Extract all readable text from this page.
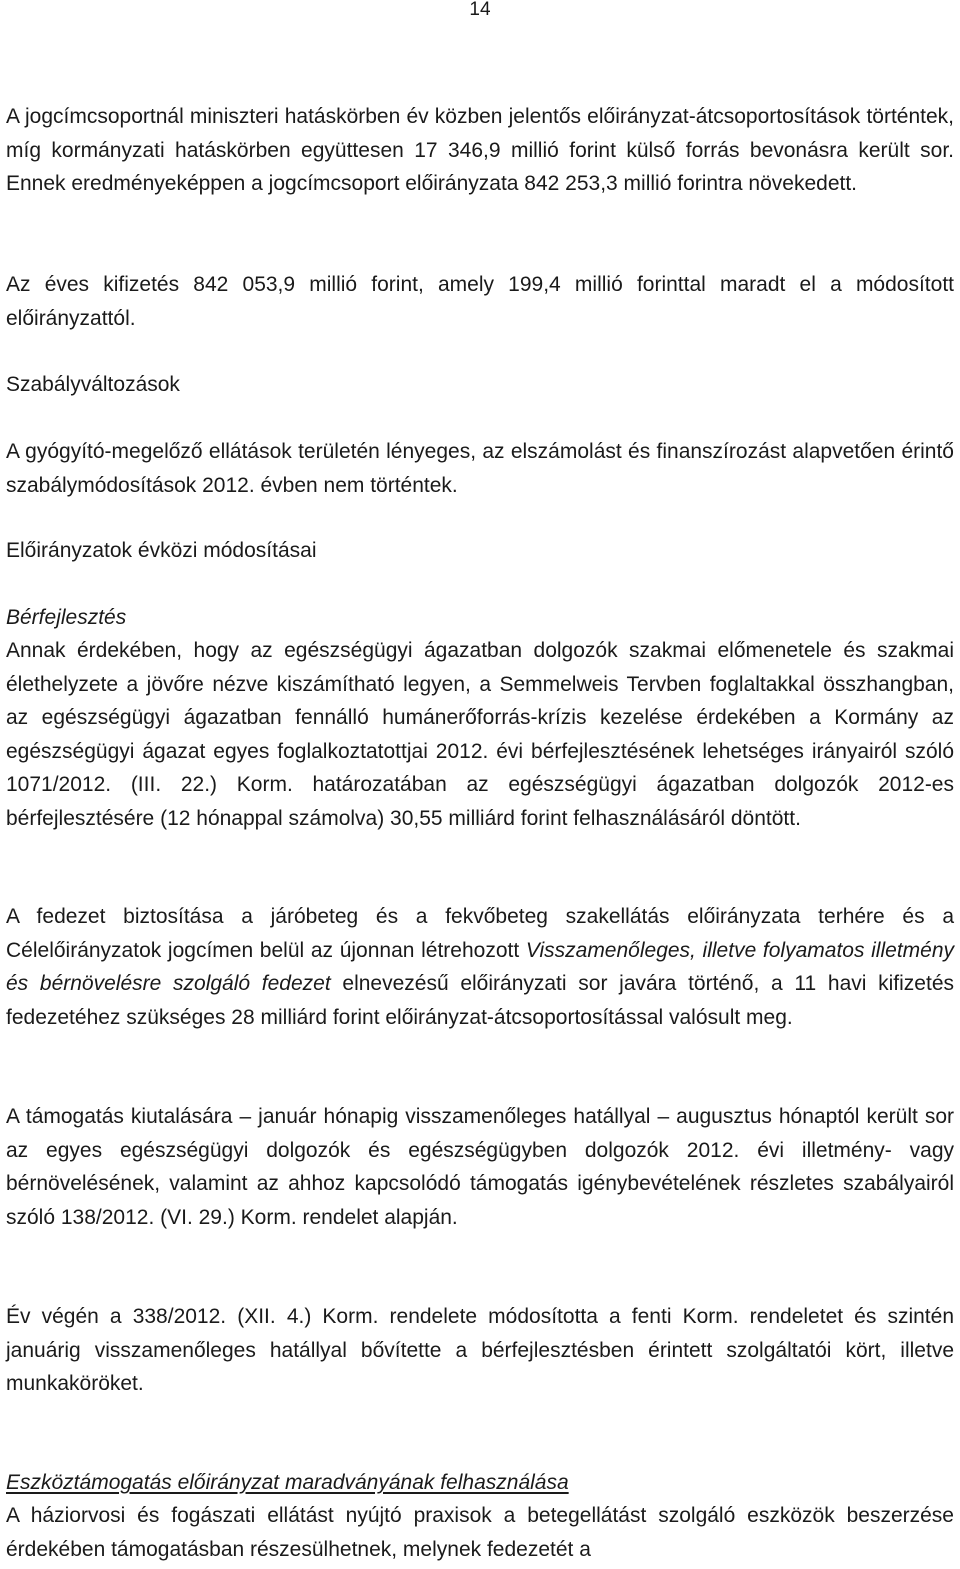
14

A jogcímcsoportnál miniszteri hatáskörben év közben jelentős előirányzat-átcsoportosítások történtek, míg kormányzati hatáskörben együttesen 17 346,9 millió forint külső forrás bevonásra került sor. Ennek eredményeképpen a jogcímcsoport előirányzata 842 253,3 millió forintra növekedett.

Az éves kifizetés 842 053,9 millió forint, amely 199,4 millió forinttal maradt el a módosított előirányzattól.

Szabályváltozások

A gyógyító-megelőző ellátások területén lényeges, az elszámolást és finanszírozást alapvetően érintő szabálymódosítások 2012. évben nem történtek.

Előirányzatok évközi módosításai

Bérfejlesztés

Annak érdekében, hogy az egészségügyi ágazatban dolgozók szakmai előmenetele és szakmai élethelyzete a jövőre nézve kiszámítható legyen, a Semmelweis Tervben foglaltakkal összhangban, az egészségügyi ágazatban fennálló humánerőforrás-krízis kezelése érdekében a Kormány az egészségügyi ágazat egyes foglalkoztatottjai 2012. évi bérfejlesztésének lehetséges irányairól szóló 1071/2012. (III. 22.) Korm. határozatában az egészségügyi ágazatban dolgozók 2012-es bérfejlesztésére (12 hónappal számolva) 30,55 milliárd forint felhasználásáról döntött.

A fedezet biztosítása a járóbeteg és a fekvőbeteg szakellátás előirányzata terhére és a Célelőirányzatok jogcímen belül az újonnan létrehozott Visszamenőleges, illetve folyamatos illetmény és bérnövelésre szolgáló fedezet elnevezésű előirányzati sor javára történő, a 11 havi kifizetés fedezetéhez szükséges 28 milliárd forint előirányzat-átcsoportosítással valósult meg.

A támogatás kiutalására – január hónapig visszamenőleges hatállyal – augusztus hónaptól került sor az egyes egészségügyi dolgozók és egészségügyben dolgozók 2012. évi illetmény- vagy bérnövelésének, valamint az ahhoz kapcsolódó támogatás igénybevételének részletes szabályairól szóló 138/2012. (VI. 29.) Korm. rendelet alapján.

Év végén a 338/2012. (XII. 4.) Korm. rendelete módosította a fenti Korm. rendeletet és szintén januárig visszamenőleges hatállyal bővítette a bérfejlesztésben érintett szolgáltatói kört, illetve munkaköröket.

Eszköztámogatás előirányzat maradványának felhasználása

A háziorvosi és fogászati ellátást nyújtó praxisok a betegellátást szolgáló eszközök beszerzése érdekében támogatásban részesülhetnek, melynek fedezetét a
